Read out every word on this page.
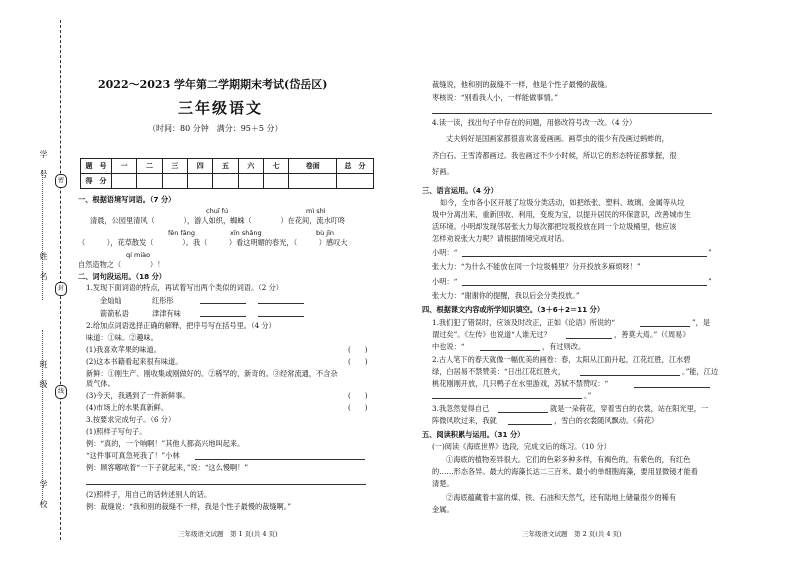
学　号
姓　名
班　级
学　校
密
封
线
2022～2023 学年第二学期期末考试(岱岳区)
三年级语文
（时间：80 分钟　满分：95＋5 分）
题　号	一	二	三	四	五	六	七	卷面	总　分
得　分									
一、根据语境写词语。（7 分）
chuī fú	mì shì
清晨，公园里清风（　　　　），游人如织，蜘蛛（　　　　）在花间，流水叮咚
fēn fāng	xīn shǎng	bù jīn
（　　　），花草散发（　　　　）。我（　　　）看这明媚的春光，（　　　）感叹大
qí miào
自然造物之（　　　　）！
二、词句段运用。（18 分）
1.发现下面词语的特点，再试着写出两个类似的词语。（2 分）
金灿灿	红彤彤
箭箭私语	津津有味
2.给加点词语选择正确的解释，把序号写在括号里。（4 分）
味道：①味。②趣味。
(1)我喜欢苹果的味道。	(　　)
(2)这本书籍看起来很有味道。	(　　)
新鲜：①刚生产、刚收集或刚做好的。②稀罕的，新奇的。③经常流通，不含杂
质气体。
(3)今天，我遇到了一件新鲜事。	(　　)
(4)市场上的水果真新鲜。	(　　)
3.按要求完成句子。（6 分）
(1)照样子写句子。
例：“真的，一个响啊！”其他人都高兴地叫起来。
“这件事可真急死我了！”小林
例：顾客嘟哝着“一下子就起来，”说：“这么慢啊！”
(2)照样子，用自己的话转述别人的话。
例：裁缝说：“我和别的裁缝不一样，我是个性子最慢的裁缝啊。”
三年级语文试题　第 1 页(共 4 页)
裁缝说，他和别的裁缝不一样，他是个性子最慢的裁缝。
枣核说：“别看我人小，一样能做事情。”
4.读一读，找出句子中存在的问题，用修改符号改一改。（4 分）
丈夫妈好是国画家都很喜欢喜爱画画。画草虫的很少有没画过蚂蚱的，
齐白石。王雪涛都画过。我也画过不少小时候，所以它的形态特征都掌握，很
好画。
三、语言运用。（4 分）
如今，全市各小区开展了垃圾分类活动，如把纸张、塑料、玻璃、金属等从垃
圾中分离出来，重新回收、利用，变废为宝，以提升居民的环保意识，改善城市生
活环境。小明却发现邻居张大力每次都把垃圾投放在同一个垃圾桶里，他应该
怎样劝说张大力呢？请根据情境完成对话。
小明：“	”
张大力：“为什么不能放在同一个垃圾桶里？分开投放多麻烦呀！”
小明：“	”
张大力：“谢谢你的提醒，我以后会分类投放。”
四、根据课文内容或所学知识填空。（3＋6＋2＝11 分）
1.我们犯了错误时，应该及时改正，正如《论语》所说的“	”，是
谓过矣”。《左传》也说道“人谁无过？	，善莫大焉。”（《周易》
中也说：“	，有过则改。
2.古人笔下的春天就像一幅优美的画卷：春，太阳从江面升起，江花红胜，江水碧
绿，白居易不禁赞美：“日出江花红胜火，	。”能，江边
桃花刚刚开放，几只鸭子在水里游戏，苏轼不禁赞叹：“
。”
3.我忽然觉得自己	就是一朵荷花，穿着雪白的衣裳，站在阳光里，一
阵微风吹过来，我就	，雪白的衣裳随风飘动。《荷花》
五、阅读积累与运用。（31 分）
(一)阅读《海底世界》选段，完成文后的练习。（10 分）
①海底的植物差异很大。它们的色彩多种多样，有褐色的，有紫色的，有红色
的……形态各异。最大的海藻长达二三百米。最小的单细胞海藻，要用显微镜才能看
清楚。
②海底蕴藏着丰富的煤、铁、石油和天然气，还有陆地上储量很少的稀有
金属。
三年级语文试题　第 2 页(共 4 页)
